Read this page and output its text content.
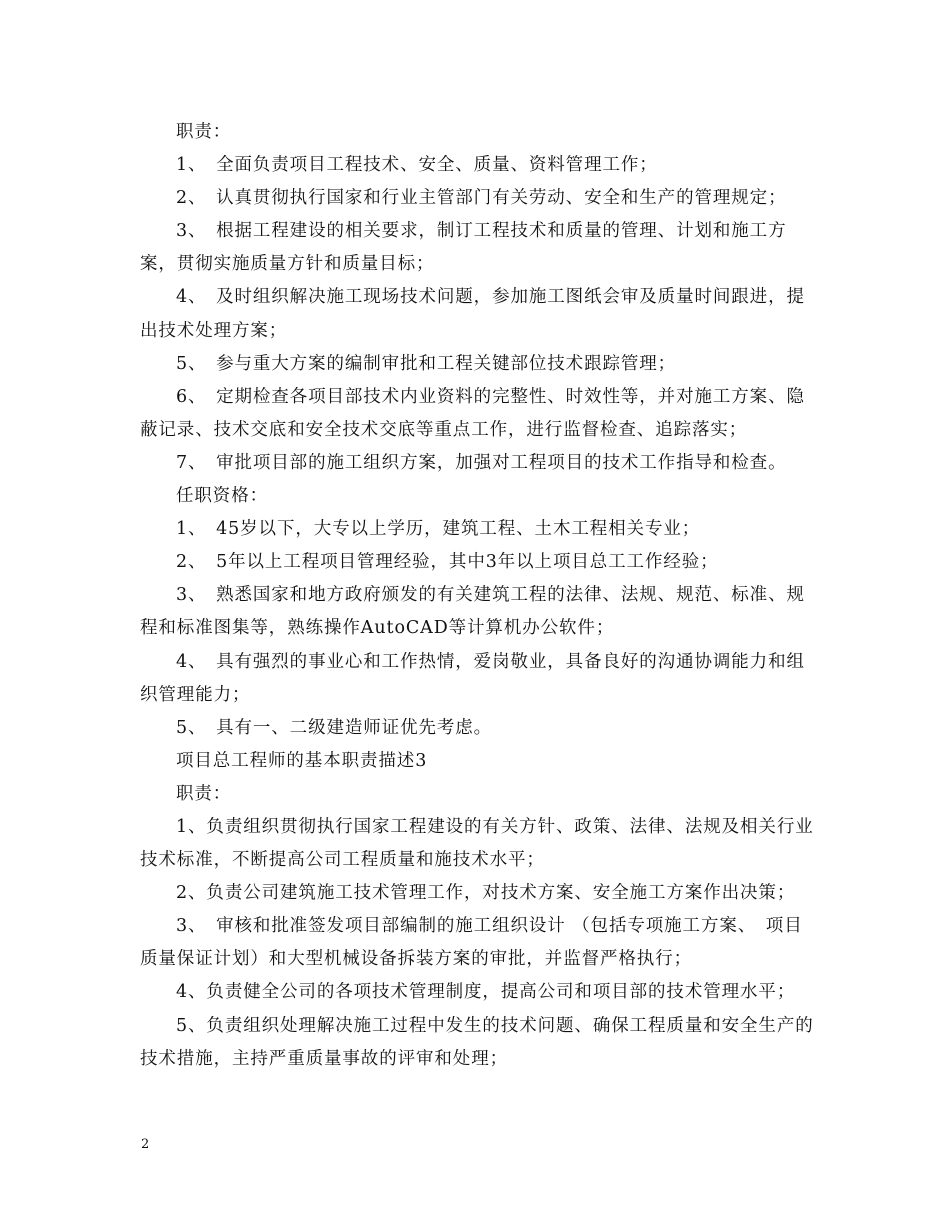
职责：

1、　全面负责项目工程技术、安全、质量、资料管理工作；

2、　认真贯彻执行国家和行业主管部门有关劳动、安全和生产的管理规定；

3、　根据工程建设的相关要求，制订工程技术和质量的管理、计划和施工方案，贯彻实施质量方针和质量目标；

4、　及时组织解决施工现场技术问题，参加施工图纸会审及质量时间跟进，提出技术处理方案；

5、　参与重大方案的编制审批和工程关键部位技术跟踪管理；

6、　定期检查各项目部技术内业资料的完整性、时效性等，并对施工方案、隐蔽记录、技术交底和安全技术交底等重点工作，进行监督检查、追踪落实；

7、　审批项目部的施工组织方案，加强对工程项目的技术工作指导和检查。

任职资格：

1、　45岁以下，大专以上学历，建筑工程、土木工程相关专业；

2、　5年以上工程项目管理经验，其中3年以上项目总工工作经验；

3、　熟悉国家和地方政府颁发的有关建筑工程的法律、法规、规范、标准、规程和标准图集等，熟练操作AutoCAD等计算机办公软件；

4、　具有强烈的事业心和工作热情，爱岗敬业，具备良好的沟通协调能力和组织管理能力；

5、　具有一、二级建造师证优先考虑。

项目总工程师的基本职责描述3

职责：

1、负责组织贯彻执行国家工程建设的有关方针、政策、法律、法规及相关行业技术标准，不断提高公司工程质量和施技术水平；

2、负责公司建筑施工技术管理工作，对技术方案、安全施工方案作出决策；

3、　审核和批准签发项目部编制的施工组织设计 （包括专项施工方案、　项目质量保证计划）和大型机械设备拆装方案的审批，并监督严格执行；

4、负责健全公司的各项技术管理制度，提高公司和项目部的技术管理水平；

5、负责组织处理解决施工过程中发生的技术问题、确保工程质量和安全生产的技术措施，主持严重质量事故的评审和处理；

2
